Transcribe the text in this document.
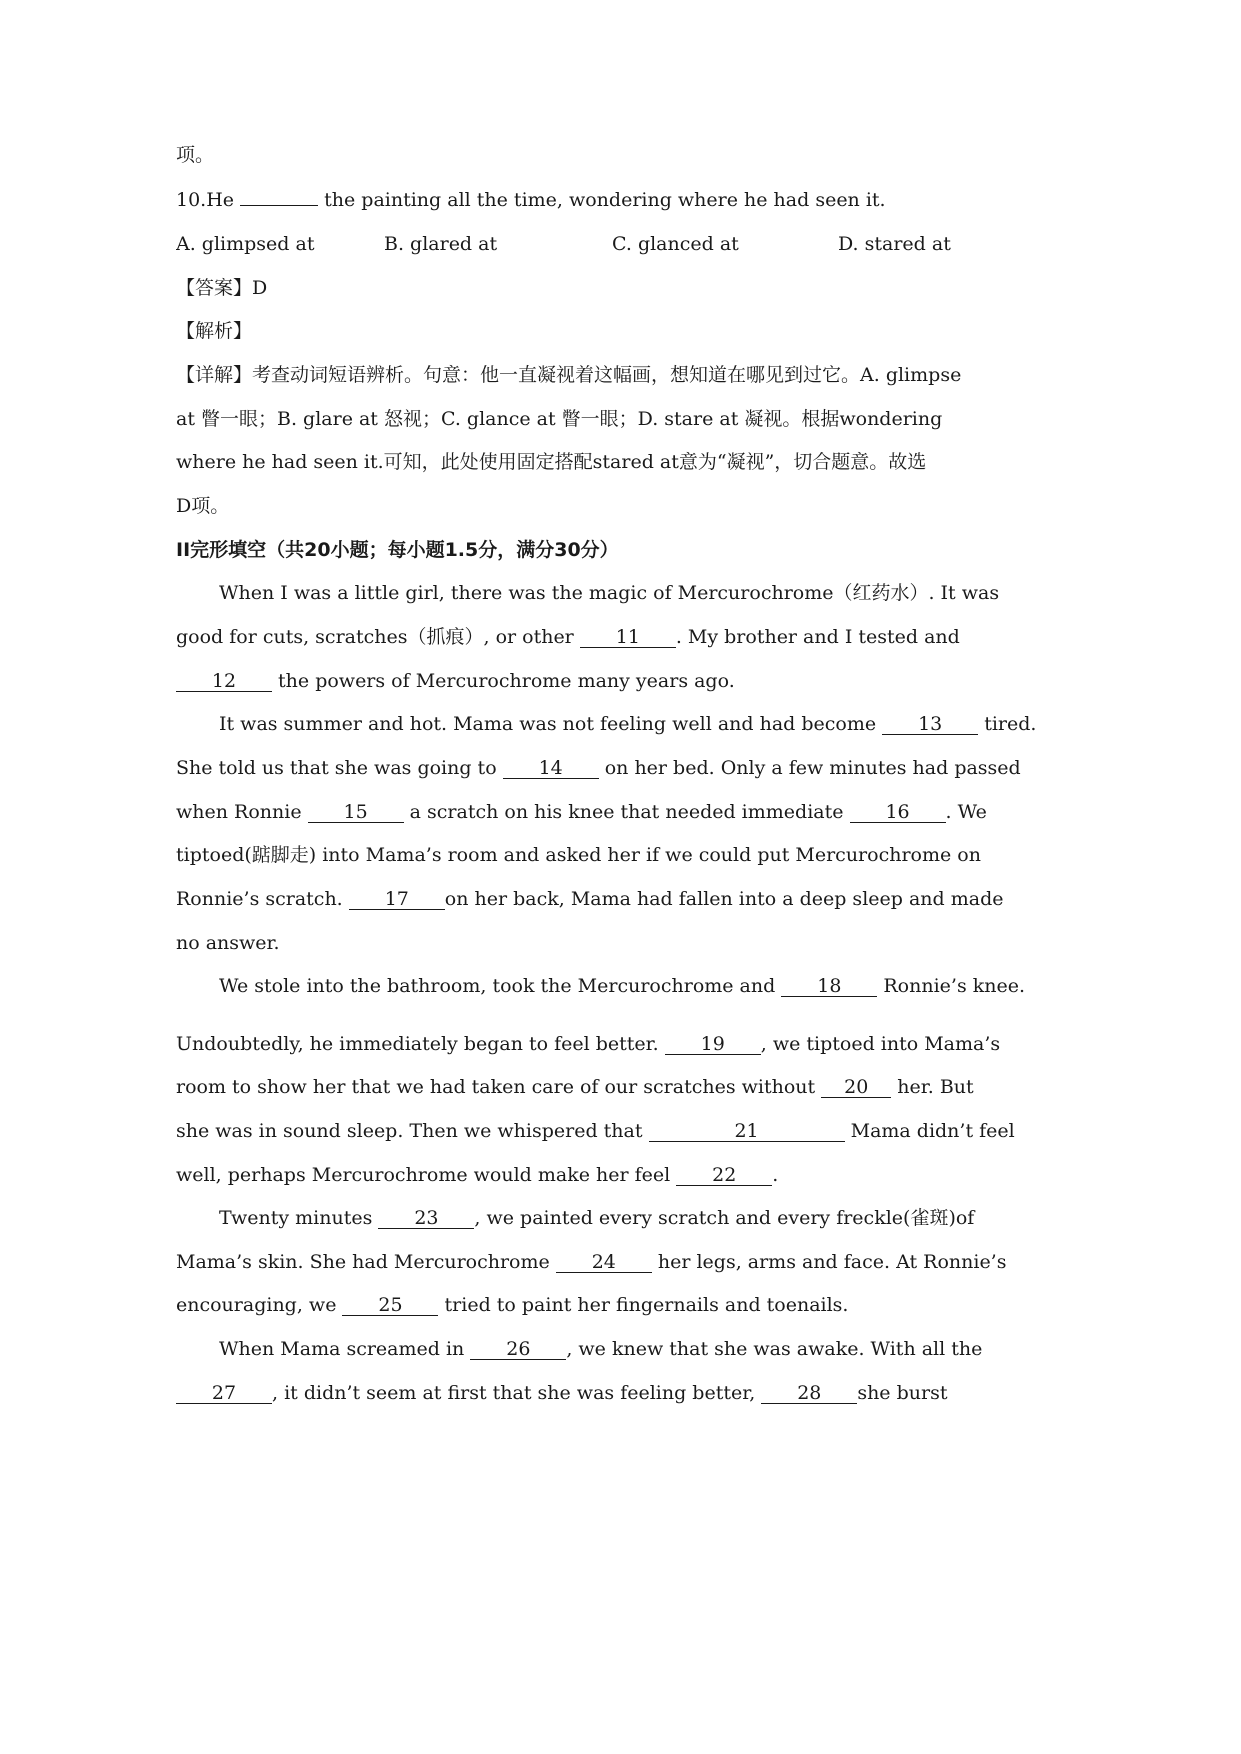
项。
10.He	the painting all the time, wondering where he had seen it.
A. glimpsed at	B. glared at	C. glanced at	D. stared at
【答案】D
【解析】
【详解】考查动词短语辨析。句意：他一直凝视着这幅画，想知道在哪见到过它。A. glimpse
at 瞥一眼；B. glare at 怒视；C. glance at 瞥一眼；D. stare at 凝视。根据wondering
where he had seen it.可知，此处使用固定搭配stared at意为“凝视”，切合题意。故选
D项。
II完形填空（共20小题；每小题1.5分，满分30分）
When I was a little girl, there was the magic of Mercurochrome（红药水）. It was
good for cuts, scratches（抓痕）, or other 11 . My brother and I tested and
12 the powers of Mercurochrome many years ago.
It was summer and hot. Mama was not feeling well and had become 13 tired.
She told us that she was going to 14 on her bed. Only a few minutes had passed
when Ronnie 15 a scratch on his knee that needed immediate 16 . We
tiptoed(踮脚走) into Mama’s room and asked her if we could put Mercurochrome on
Ronnie’s scratch. 17 on her back, Mama had fallen into a deep sleep and made
no answer.
We stole into the bathroom, took the Mercurochrome and 18 Ronnie’s knee.
Undoubtedly, he immediately began to feel better. 19 , we tiptoed into Mama’s
room to show her that we had taken care of our scratches without 20 her. But
she was in sound sleep. Then we whispered that	21	Mama didn’t feel
well, perhaps Mercurochrome would make her feel 22 .
Twenty minutes 23 , we painted every scratch and every freckle(雀斑)of
Mama’s skin. She had Mercurochrome 24 her legs, arms and face. At Ronnie’s
encouraging, we 25 tried to paint her fingernails and toenails.
When Mama screamed in 26 , we knew that she was awake. With all the
27 , it didn’t seem at first that she was feeling better, 28 she burst
